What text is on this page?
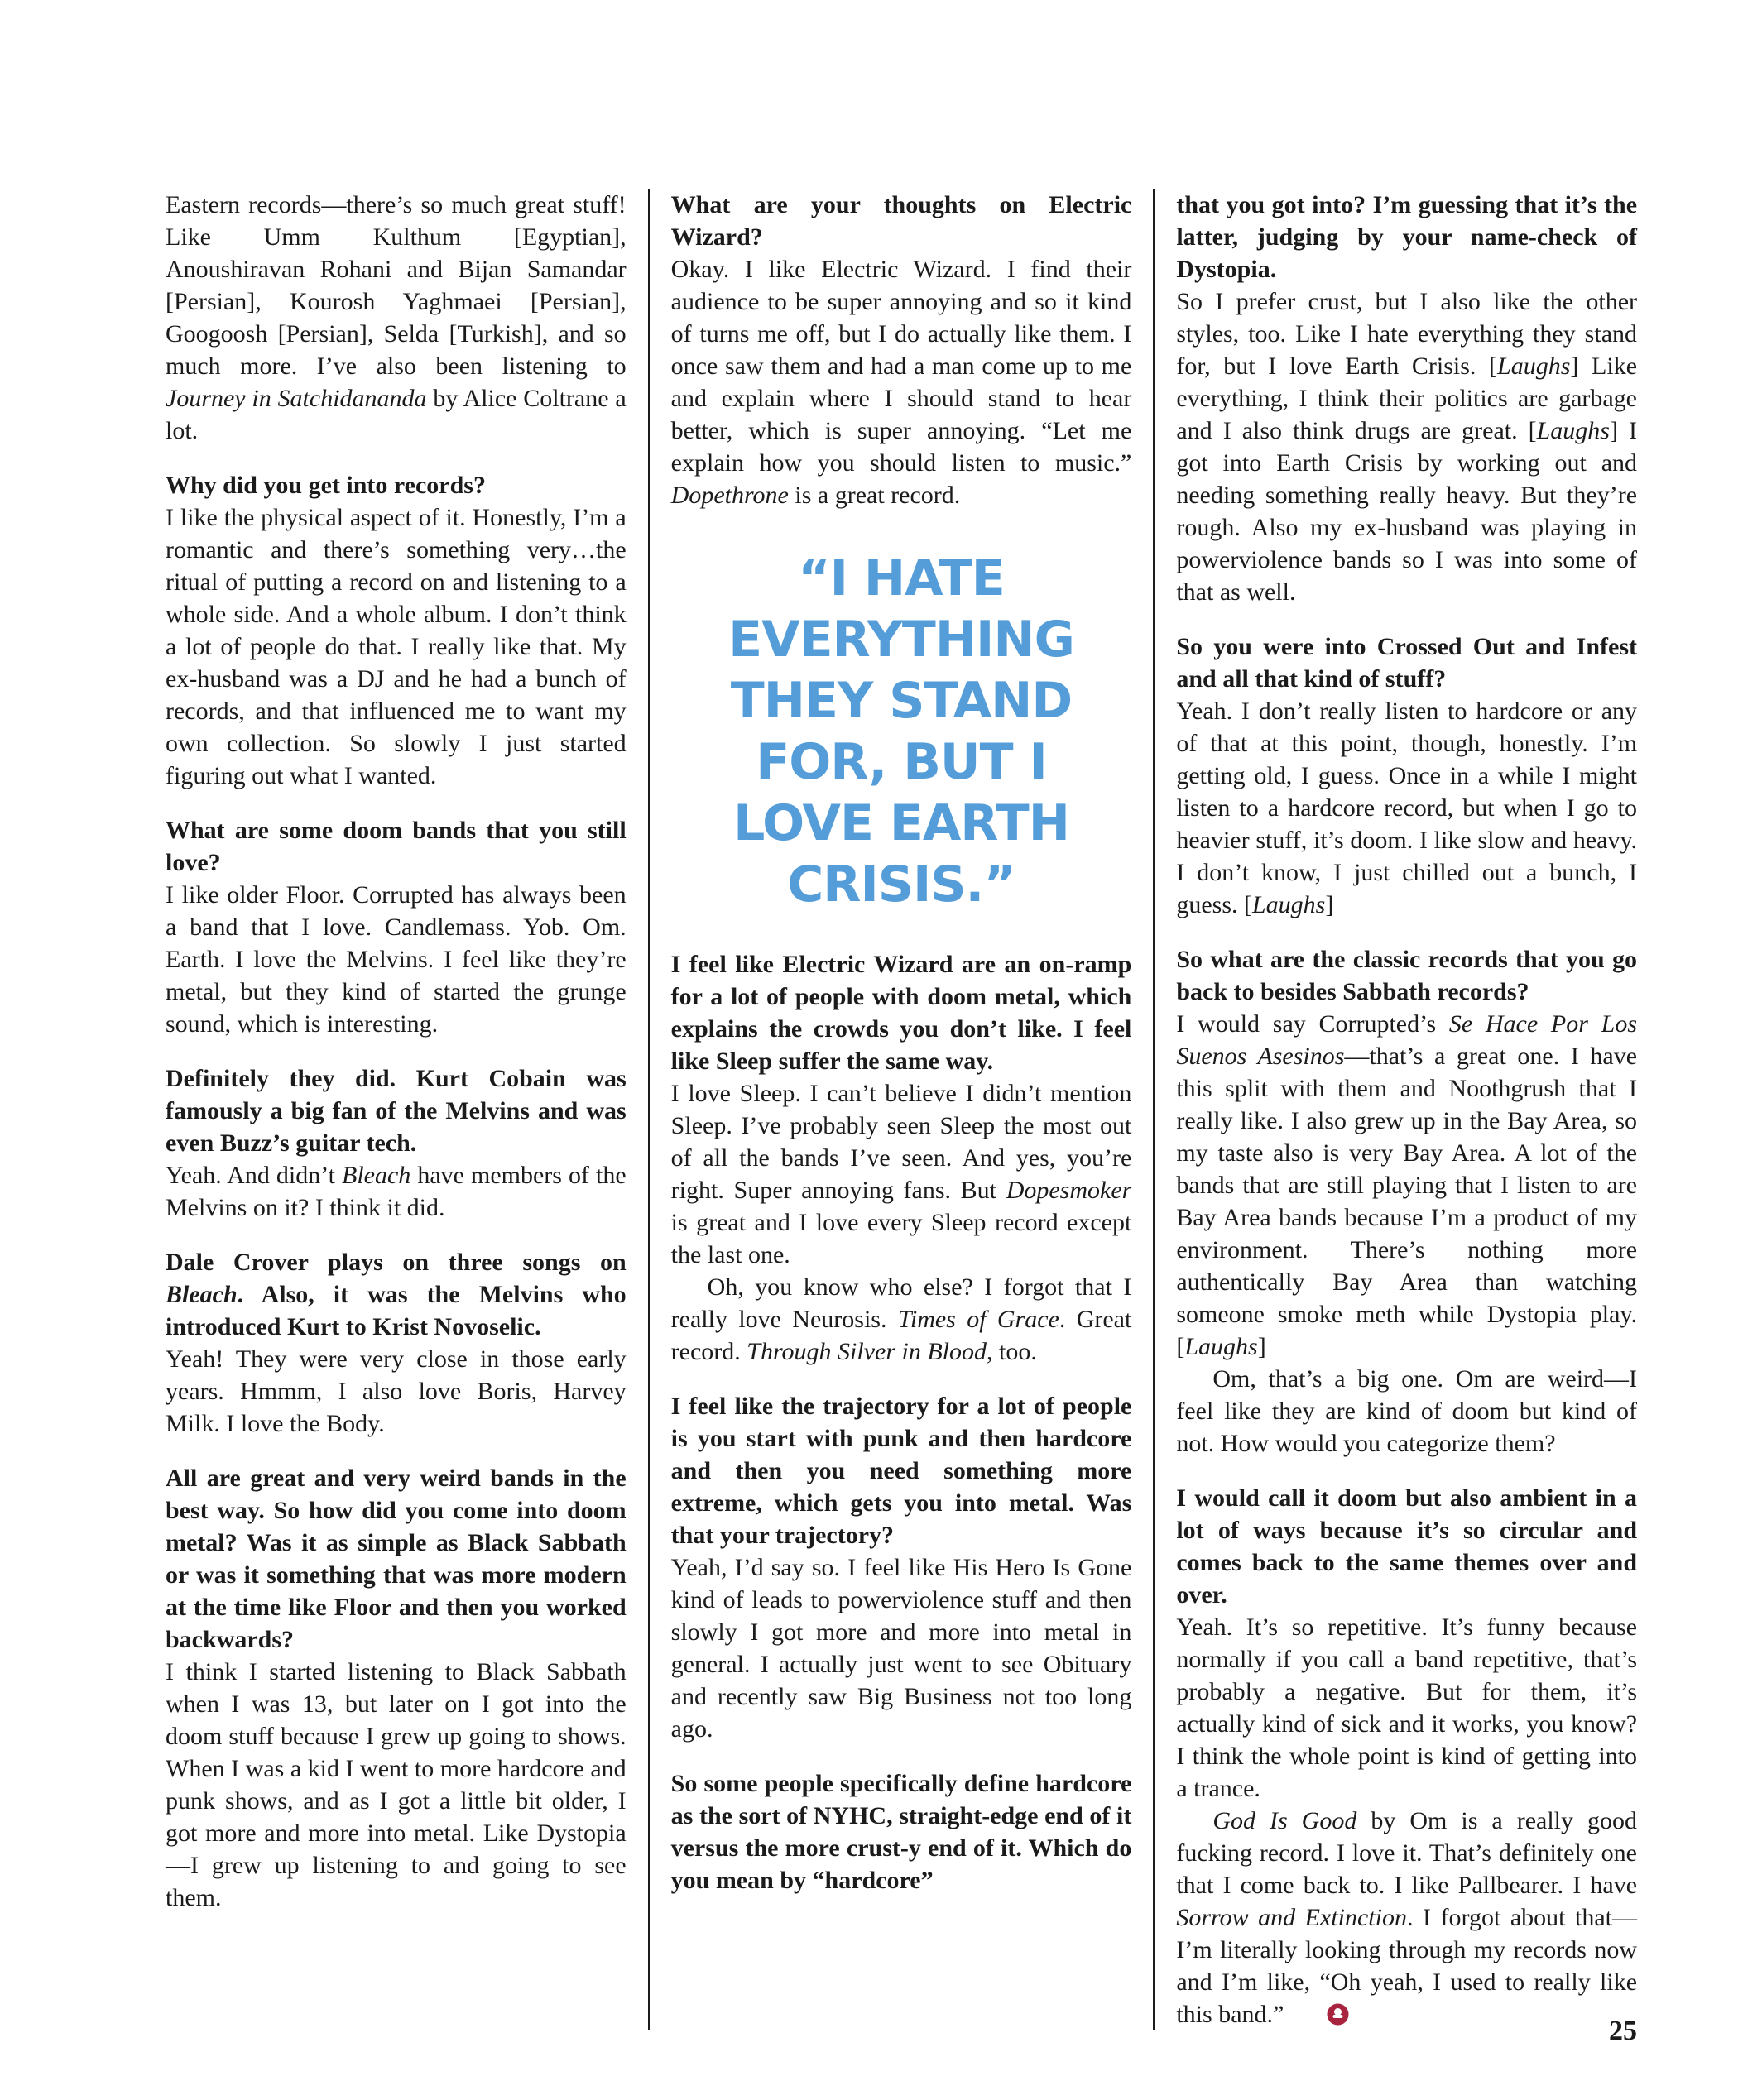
Eastern records—there’s so much great stuff! Like Umm Kulthum [Egyptian], Anoushiravan Rohani and Bijan Samandar [Persian], Kourosh Yaghmaei [Persian], Googoosh [Persian], Selda [Turkish], and so much more. I’ve also been listening to Journey in Satchidananda by Alice Coltrane a lot.

Why did you get into records?

I like the physical aspect of it. Honestly, I’m a romantic and there’s something very…the ritual of putting a record on and listening to a whole side. And a whole album. I don’t think a lot of people do that. I really like that. My ex-husband was a DJ and he had a bunch of records, and that influenced me to want my own collection. So slowly I just started figuring out what I wanted.

What are some doom bands that you still love?

I like older Floor. Corrupted has always been a band that I love. Candlemass. Yob. Om. Earth. I love the Melvins. I feel like they’re metal, but they kind of started the grunge sound, which is interesting.

Definitely they did. Kurt Cobain was famously a big fan of the Melvins and was even Buzz’s guitar tech.

Yeah. And didn’t Bleach have members of the Melvins on it? I think it did.

Dale Crover plays on three songs on Bleach. Also, it was the Melvins who introduced Kurt to Krist Novoselic.

Yeah! They were very close in those early years. Hmmm, I also love Boris, Harvey Milk. I love the Body.

All are great and very weird bands in the best way. So how did you come into doom metal? Was it as simple as Black Sabbath or was it something that was more modern at the time like Floor and then you worked backwards?

I think I started listening to Black Sabbath when I was 13, but later on I got into the doom stuff because I grew up going to shows. When I was a kid I went to more hardcore and punk shows, and as I got a little bit older, I got more and more into metal. Like Dystopia—I grew up listening to and going to see them.

What are your thoughts on Electric Wizard?

Okay. I like Electric Wizard. I find their audience to be super annoying and so it kind of turns me off, but I do actually like them. I once saw them and had a man come up to me and explain where I should stand to hear better, which is super annoying. “Let me explain how you should listen to music.” Dopethrone is a great record.

“I HATE
EVERYTHING
THEY STAND
FOR, BUT I
LOVE EARTH
CRISIS.”

I feel like Electric Wizard are an on-ramp for a lot of people with doom metal, which explains the crowds you don’t like. I feel like Sleep suffer the same way.

I love Sleep. I can’t believe I didn’t mention Sleep. I’ve probably seen Sleep the most out of all the bands I’ve seen. And yes, you’re right. Super annoying fans. But Dopesmoker is great and I love every Sleep record except the last one.

Oh, you know who else? I forgot that I really love Neurosis. Times of Grace. Great record. Through Silver in Blood, too.

I feel like the trajectory for a lot of people is you start with punk and then hardcore and then you need something more extreme, which gets you into metal. Was that your trajectory?

Yeah, I’d say so. I feel like His Hero Is Gone kind of leads to powerviolence stuff and then slowly I got more and more into metal in general. I actually just went to see Obituary and recently saw Big Business not too long ago.

So some people specifically define hardcore as the sort of NYHC, straight-edge end of it versus the more crust-y end of it. Which do you mean by “hardcore”

that you got into? I’m guessing that it’s the latter, judging by your name-check of Dystopia.

So I prefer crust, but I also like the other styles, too. Like I hate everything they stand for, but I love Earth Crisis. [Laughs] Like everything, I think their politics are garbage and I also think drugs are great. [Laughs] I got into Earth Crisis by working out and needing something really heavy. But they’re rough. Also my ex-husband was playing in powerviolence bands so I was into some of that as well.

So you were into Crossed Out and Infest and all that kind of stuff?

Yeah. I don’t really listen to hardcore or any of that at this point, though, honestly. I’m getting old, I guess. Once in a while I might listen to a hardcore record, but when I go to heavier stuff, it’s doom. I like slow and heavy. I don’t know, I just chilled out a bunch, I guess. [Laughs]

So what are the classic records that you go back to besides Sabbath records?

I would say Corrupted’s Se Hace Por Los Suenos Asesinos—that’s a great one. I have this split with them and Noothgrush that I really like. I also grew up in the Bay Area, so my taste also is very Bay Area. A lot of the bands that are still playing that I listen to are Bay Area bands because I’m a product of my environment. There’s nothing more authentically Bay Area than watching someone smoke meth while Dystopia play. [Laughs]

Om, that’s a big one. Om are weird—I feel like they are kind of doom but kind of not. How would you categorize them?

I would call it doom but also ambient in a lot of ways because it’s so circular and comes back to the same themes over and over.

Yeah. It’s so repetitive. It’s funny because normally if you call a band repetitive, that’s probably a negative. But for them, it’s actually kind of sick and it works, you know? I think the whole point is kind of getting into a trance.

God Is Good by Om is a really good fucking record. I love it. That’s definitely one that I come back to. I like Pallbearer. I have Sorrow and Extinction. I forgot about that—I’m literally looking through my records now and I’m like, “Oh yeah, I used to really like this band.”

25
